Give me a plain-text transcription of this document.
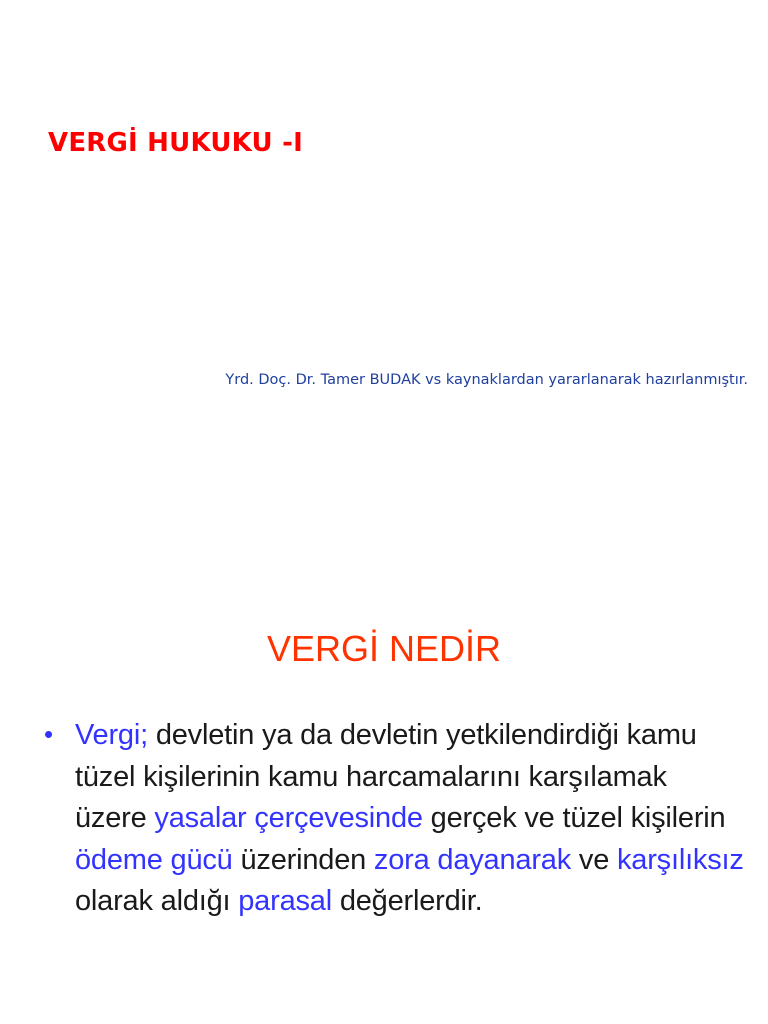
VERGİ HUKUKU -I
Yrd. Doç. Dr. Tamer BUDAK vs kaynaklardan yararlanarak hazırlanmıştır.
VERGİ NEDİR
• Vergi; devletin ya da devletin yetkilendirdiği kamu tüzel kişilerinin kamu harcamalarını karşılamak üzere yasalar çerçevesinde gerçek ve tüzel kişilerin ödeme gücü üzerinden zora dayanarak ve karşılıksız olarak aldığı parasal değerlerdir.
